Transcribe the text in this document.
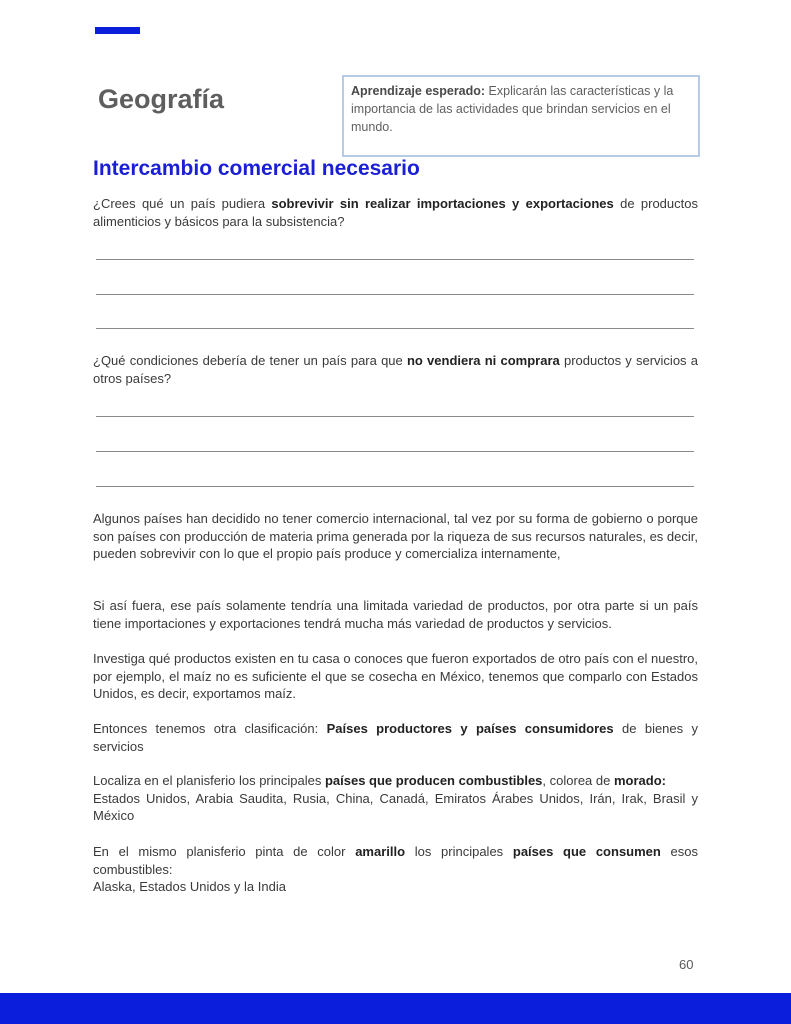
Geografía	Aprendizaje esperado: Explicarán las características y la importancia de las actividades que brindan servicios en el mundo.
Intercambio comercial necesario
¿Crees qué un país pudiera sobrevivir sin realizar importaciones y exportaciones de productos alimenticios y básicos para la subsistencia?
¿Qué condiciones debería de tener un país para que no vendiera ni comprara productos y servicios a otros países?
Algunos países han decidido no tener comercio internacional, tal vez por su forma de gobierno o porque son países con producción de materia prima generada por la riqueza de sus recursos naturales, es decir, pueden sobrevivir con lo que el propio país produce y comercializa internamente,
Si así fuera, ese país solamente tendría una limitada variedad de productos, por otra parte si un país tiene importaciones y exportaciones tendrá mucha más variedad de productos y servicios.
Investiga qué productos existen en tu casa o conoces que fueron exportados de otro país con el nuestro, por ejemplo, el maíz no es suficiente el que se cosecha en México, tenemos que comparlo con Estados Unidos, es decir, exportamos maíz.
Entonces tenemos otra clasificación: Países productores y países consumidores de bienes y servicios
Localiza en el planisferio los principales países que producen combustibles, colorea de morado:
Estados Unidos, Arabia Saudita, Rusia, China, Canadá, Emiratos Árabes Unidos, Irán, Irak, Brasil y México
En el mismo planisferio pinta de color amarillo los principales países que consumen esos combustibles:
Alaska, Estados Unidos y la India
60
